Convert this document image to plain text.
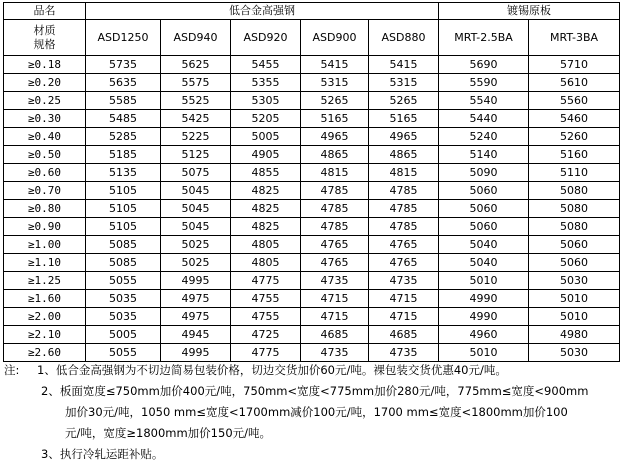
品名	低合金高强钢					镀锡原板	
材质
规格	ASD1250	ASD940	ASD920	ASD900	ASD880	MRT-2.5BA	MRT-3BA
≥0.18	5735	5625	5455	5415	5415	5690	5710
≥0.20	5635	5575	5355	5315	5315	5590	5610
≥0.25	5585	5525	5305	5265	5265	5540	5560
≥0.30	5485	5425	5205	5165	5165	5440	5460
≥0.40	5285	5225	5005	4965	4965	5240	5260
≥0.50	5185	5125	4905	4865	4865	5140	5160
≥0.60	5135	5075	4855	4815	4815	5090	5110
≥0.70	5105	5045	4825	4785	4785	5060	5080
≥0.80	5105	5045	4825	4785	4785	5060	5080
≥0.90	5105	5045	4825	4785	4785	5060	5080
≥1.00	5085	5025	4805	4765	4765	5040	5060
≥1.10	5085	5025	4805	4765	4765	5040	5060
≥1.25	5055	4995	4775	4735	4735	5010	5030
≥1.60	5035	4975	4755	4715	4715	4990	5010
≥2.00	5035	4975	4755	4715	4715	4990	5010
≥2.10	5005	4945	4725	4685	4685	4960	4980
≥2.60	5055	4995	4775	4735	4735	5010	5030
注: 1、低合金高强钢为不切边简易包装价格，切边交货加价60元/吨。裸包装交货优惠40元/吨。
2、板面宽度≤750mm加价400元/吨，750mm<宽度<775mm加价280元/吨，775mm≤宽度<900mm
加价30元/吨，1050 mm≤宽度<1700mm减价100元/吨，1700 mm≤宽度<1800mm加价100
元/吨，宽度≥1800mm加价150元/吨。
3、执行冷轧运距补贴。
